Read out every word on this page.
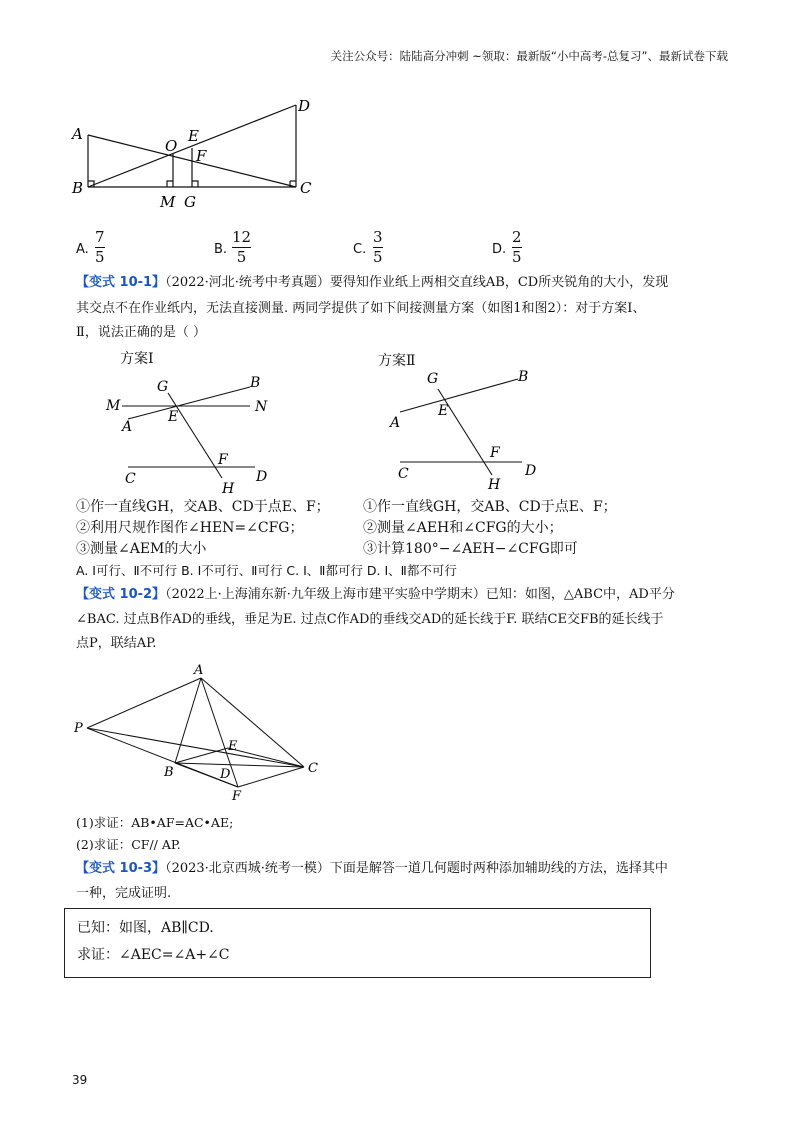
关注公众号：陆陆高分冲刺 ~领取：最新版“小中高考-总复习”、最新试卷下载
A
B	C
D
O
E
F
M G
A.
7
5	B.
12
5	C.
3
5	D.
2
5
【变式 10-1】（2022·河北·统考中考真题）要得知作业纸上两相交直线AB，CD所夹锐角的大小，发现
其交点不在作业纸内，无法直接测量. 两同学提供了如下间接测量方案（如图1和图2）：对于方案Ⅰ、
Ⅱ，说法正确的是（ ）
方案Ⅰ
G	B
M
E
N
A
F
C	D
H
方案Ⅱ
G	B
E
A
F
C	D
H
①作一直线GH，交AB、CD于点E、F；
②利用尺规作图作∠HEN=∠CFG；
③测量∠AEM的大小
①作一直线GH，交AB、CD于点E、F；
②测量∠AEH和∠CFG的大小；
③计算180°−∠AEH−∠CFG即可
A. Ⅰ可行、Ⅱ不可行 B. Ⅰ不可行、Ⅱ可行 C. Ⅰ、Ⅱ都可行 D. Ⅰ、Ⅱ都不可行
【变式 10-2】（2022上·上海浦东新·九年级上海市建平实验中学期末）已知：如图，△ABC中，AD平分
∠BAC. 过点B作AD的垂线，垂足为E. 过点C作AD的垂线交AD的延长线于F. 联结CE交FB的延长线于
点P，联结AP.
A
P
E
B	D	C
F
(1)求证：AB•AF=AC•AE;
(2)求证：CF// AP.
【变式 10-3】（2023·北京西城·统考一模）下面是解答一道几何题时两种添加辅助线的方法，选择其中
一种，完成证明.
已知：如图，AB∥CD.
求证：∠AEC=∠A+∠C
39
